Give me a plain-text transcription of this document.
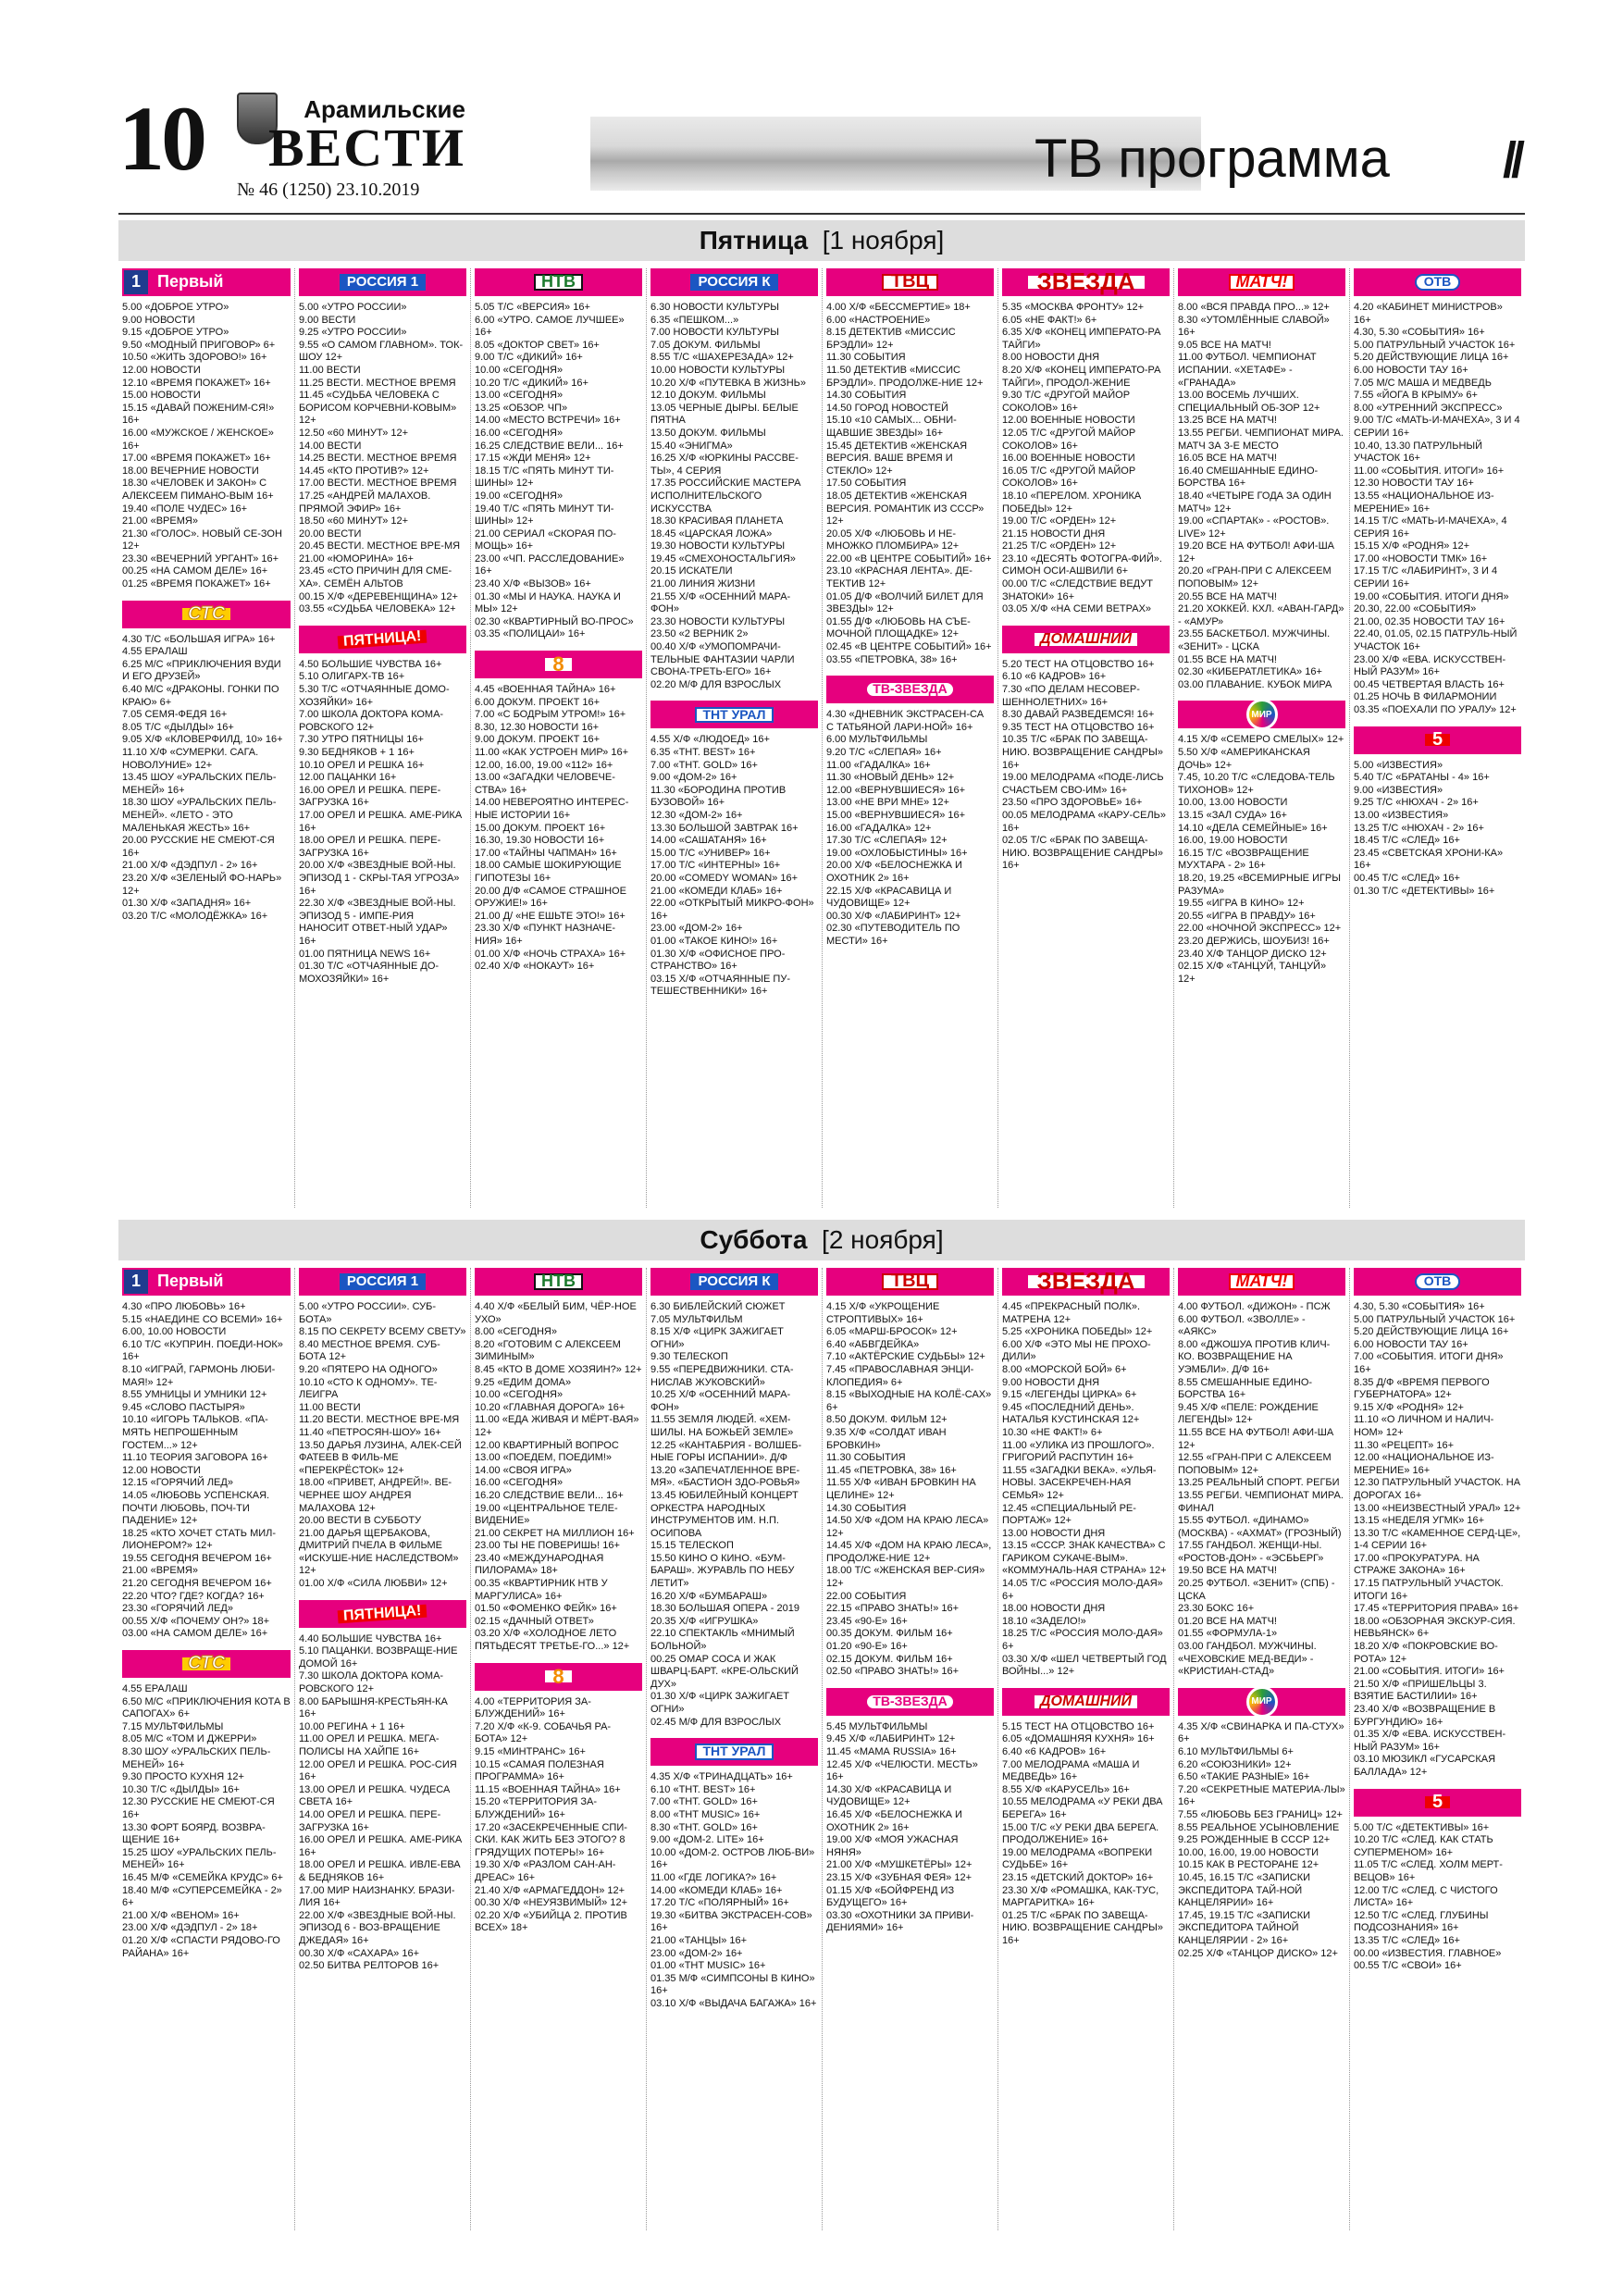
10	Арамильские
ВЕСТИ
№ 46 (1250) 23.10.2019
ТВ программа //
Пятница  [1 ноября]
1	Первый
5.00 «ДОБРОЕ УТРО»
9.00 НОВОСТИ
9.15 «ДОБРОЕ УТРО»
9.50 «МОДНЫЙ ПРИГОВОР» 6+
10.50 «ЖИТЬ ЗДОРОВО!» 16+
12.00 НОВОСТИ
12.10 «ВРЕМЯ ПОКАЖЕТ» 16+
15.00 НОВОСТИ
15.15 «ДАВАЙ ПОЖЕНИМ-СЯ!» 16+
16.00 «МУЖСКОЕ / ЖЕНСКОЕ» 16+
17.00 «ВРЕМЯ ПОКАЖЕТ» 16+
18.00 ВЕЧЕРНИЕ НОВОСТИ
18.30 «ЧЕЛОВЕК И ЗАКОН» С АЛЕКСЕЕМ ПИМАНО-ВЫМ 16+
19.40 «ПОЛЕ ЧУДЕС» 16+
21.00 «ВРЕМЯ»
21.30 «ГОЛОС». НОВЫЙ СЕ-ЗОН 12+
23.30 «ВЕЧЕРНИЙ УРГАНТ» 16+
00.25 «НА САМОМ ДЕЛЕ» 16+
01.25 «ВРЕМЯ ПОКАЖЕТ» 16+
СТС
4.30 Т/С «БОЛЬШАЯ ИГРА» 16+
4.55 ЕРАЛАШ
6.25 М/С «ПРИКЛЮЧЕНИЯ ВУДИ И ЕГО ДРУЗЕЙ»
6.40 М/С «ДРАКОНЫ. ГОНКИ ПО КРАЮ» 6+
7.05 СЕМЯ-ФЕДЯ 16+
8.05 Т/С «ДЫЛДЫ» 16+
9.05 Х/Ф «КЛОВЕРФИЛД, 10» 16+
11.10 Х/Ф «СУМЕРКИ. САГА. НОВОЛУНИЕ» 12+
13.45 ШОУ «УРАЛЬСКИХ ПЕЛЬ-МЕНЕЙ» 16+
18.30 ШОУ «УРАЛЬСКИХ ПЕЛЬ-МЕНЕЙ». «ЛЕТО - ЭТО МАЛЕНЬКАЯ ЖЕСТЬ» 16+
20.00 РУССКИЕ НЕ СМЕЮТ-СЯ 16+
21.00 Х/Ф «ДЭДПУЛ - 2» 16+
23.20 Х/Ф «ЗЕЛЕНЫЙ ФО-НАРЬ» 12+
01.30 Х/Ф «ЗАПАДНЯ» 16+
03.20 Т/С «МОЛОДЁЖКА» 16+
РОССИЯ 1
5.00 «УТРО РОССИИ»
9.00 ВЕСТИ
9.25 «УТРО РОССИИ»
9.55 «О САМОМ ГЛАВНОМ». ТОК-ШОУ 12+
11.00 ВЕСТИ
11.25 ВЕСТИ. МЕСТНОЕ ВРЕМЯ
11.45 «СУДЬБА ЧЕЛОВЕКА С БОРИСОМ КОРЧЕВНИ-КОВЫМ» 12+
12.50 «60 МИНУТ» 12+
14.00 ВЕСТИ
14.25 ВЕСТИ. МЕСТНОЕ ВРЕМЯ
14.45 «КТО ПРОТИВ?» 12+
17.00 ВЕСТИ. МЕСТНОЕ ВРЕМЯ
17.25 «АНДРЕЙ МАЛАХОВ. ПРЯМОЙ ЭФИР» 16+
18.50 «60 МИНУТ» 12+
20.00 ВЕСТИ
20.45 ВЕСТИ. МЕСТНОЕ ВРЕ-МЯ
21.00 «ЮМОРИНА» 16+
23.45 «СТО ПРИЧИН ДЛЯ СМЕ-ХА». СЕМЁН АЛЬТОВ
00.15 Х/Ф «ДЕРЕВЕНЩИНА» 12+
03.55 «СУДЬБА ЧЕЛОВЕКА» 12+
ПЯТНИЦА!
4.50 БОЛЬШИЕ ЧУВСТВА 16+
5.10 ОЛИГАРХ-ТВ 16+
5.30 Т/С «ОТЧАЯННЫЕ ДОМО-ХОЗЯЙКИ» 16+
7.00 ШКОЛА ДОКТОРА КОМА-РОВСКОГО 12+
7.30 УТРО ПЯТНИЦЫ 16+
9.30 БЕДНЯКОВ + 1 16+
10.10 ОРЕЛ И РЕШКА 16+
12.00 ПАЦАНКИ 16+
16.00 ОРЕЛ И РЕШКА. ПЕРЕ-ЗАГРУЗКА 16+
17.00 ОРЕЛ И РЕШКА. АМЕ-РИКА 16+
18.00 ОРЕЛ И РЕШКА. ПЕРЕ-ЗАГРУЗКА 16+
20.00 Х/Ф «ЗВЕЗДНЫЕ ВОЙ-НЫ. ЭПИЗОД 1 - СКРЫ-ТАЯ УГРОЗА» 16+
22.30 Х/Ф «ЗВЕЗДНЫЕ ВОЙ-НЫ. ЭПИЗОД 5 - ИМПЕ-РИЯ НАНОСИТ ОТВЕТ-НЫЙ УДАР» 16+
01.00 ПЯТНИЦА NEWS 16+
01.30 Т/С «ОТЧАЯННЫЕ ДО-МОХОЗЯЙКИ» 16+
НТВ
5.05 Т/С «ВЕРСИЯ» 16+
6.00 «УТРО. САМОЕ ЛУЧШЕЕ» 16+
8.05 «ДОКТОР СВЕТ» 16+
9.00 Т/С «ДИКИЙ» 16+
10.00 «СЕГОДНЯ»
10.20 Т/С «ДИКИЙ» 16+
13.00 «СЕГОДНЯ»
13.25 «ОБЗОР. ЧП»
14.00 «МЕСТО ВСТРЕЧИ» 16+
16.00 «СЕГОДНЯ»
16.25 СЛЕДСТВИЕ ВЕЛИ... 16+
17.15 «ЖДИ МЕНЯ» 12+
18.15 Т/С «ПЯТЬ МИНУТ ТИ-ШИНЫ» 12+
19.00 «СЕГОДНЯ»
19.40 Т/С «ПЯТЬ МИНУТ ТИ-ШИНЫ» 12+
21.00 СЕРИАЛ «СКОРАЯ ПО-МОЩЬ» 16+
23.00 «ЧП. РАССЛЕДОВАНИЕ» 16+
23.40 Х/Ф «ВЫЗОВ» 16+
01.30 «МЫ И НАУКА. НАУКА И МЫ» 12+
02.30 «КВАРТИРНЫЙ ВО-ПРОС»
03.35 «ПОЛИЦАИ» 16+
8
4.45 «ВОЕННАЯ ТАЙНА» 16+
6.00 ДОКУМ. ПРОЕКТ 16+
7.00 «С БОДРЫМ УТРОМ!» 16+
8.30, 12.30 НОВОСТИ 16+
9.00 ДОКУМ. ПРОЕКТ 16+
11.00 «КАК УСТРОЕН МИР» 16+
12.00, 16.00, 19.00 «112» 16+
13.00 «ЗАГАДКИ ЧЕЛОВЕЧЕ-СТВА» 16+
14.00 НЕВЕРОЯТНО ИНТЕРЕС-НЫЕ ИСТОРИИ 16+
15.00 ДОКУМ. ПРОЕКТ 16+
16.30, 19.30 НОВОСТИ 16+
17.00 «ТАЙНЫ ЧАПМАН» 16+
18.00 САМЫЕ ШОКИРУЮЩИЕ ГИПОТЕЗЫ 16+
20.00 Д/Ф «САМОЕ СТРАШНОЕ ОРУЖИЕ!» 16+
21.00 Д/ «НЕ ЕШЬТЕ ЭТО!» 16+
23.30 Х/Ф «ПУНКТ НАЗНАЧЕ-НИЯ» 16+
01.00 Х/Ф «НОЧЬ СТРАХА» 16+
02.40 Х/Ф «НОКАУТ» 16+
РОССИЯ К
6.30 НОВОСТИ КУЛЬТУРЫ
6.35 «ПЕШКОМ...»
7.00 НОВОСТИ КУЛЬТУРЫ
7.05 ДОКУМ. ФИЛЬМЫ
8.55 Т/С «ШАХЕРЕЗАДА» 12+
10.00 НОВОСТИ КУЛЬТУРЫ
10.20 Х/Ф «ПУТЕВКА В ЖИЗНЬ»
12.10 ДОКУМ. ФИЛЬМЫ
13.05 ЧЕРНЫЕ ДЫРЫ. БЕЛЫЕ ПЯТНА
13.50 ДОКУМ. ФИЛЬМЫ
15.40 «ЭНИГМА»
16.25 Х/Ф «ЮРКИНЫ РАССВЕ-ТЫ», 4 СЕРИЯ
17.35 РОССИЙСКИЕ МАСТЕРА ИСПОЛНИТЕЛЬСКОГО ИСКУССТВА
18.30 КРАСИВАЯ ПЛАНЕТА
18.45 «ЦАРСКАЯ ЛОЖА»
19.30 НОВОСТИ КУЛЬТУРЫ
19.45 «СМЕХОНОСТАЛЬГИЯ»
20.15 ИСКАТЕЛИ
21.00 ЛИНИЯ ЖИЗНИ
21.55 Х/Ф «ОСЕННИЙ МАРА-ФОН»
23.30 НОВОСТИ КУЛЬТУРЫ
23.50 «2 ВЕРНИК 2»
00.40 Х/Ф «УМОПОМРАЧИ-ТЕЛЬНЫЕ ФАНТАЗИИ ЧАРЛИ СВОНА-ТРЕТЬ-ЕГО» 16+
02.20 М/Ф ДЛЯ ВЗРОСЛЫХ
ТНТ УРАЛ
4.55 Х/Ф «ЛЮДОЕД» 16+
6.35 «ТНТ. BEST» 16+
7.00 «ТНТ. GOLD» 16+
9.00 «ДОМ-2» 16+
11.30 «БОРОДИНА ПРОТИВ БУЗОВОЙ» 16+
12.30 «ДОМ-2» 16+
13.30 БОЛЬШОЙ ЗАВТРАК 16+
14.00 «САШАТАНЯ» 16+
15.00 Т/С «УНИВЕР» 16+
17.00 Т/С «ИНТЕРНЫ» 16+
20.00 «COMEDY WOMAN» 16+
21.00 «КОМЕДИ КЛАБ» 16+
22.00 «ОТКРЫТЫЙ МИКРО-ФОН» 16+
23.00 «ДОМ-2» 16+
01.00 «ТАКОЕ КИНО!» 16+
01.30 Х/Ф «ОФИСНОЕ ПРО-СТРАНСТВО» 16+
03.15 Х/Ф «ОТЧАЯННЫЕ ПУ-ТЕШЕСТВЕННИКИ» 16+
ТВЦ
4.00 Х/Ф «БЕССМЕРТИЕ» 18+
6.00 «НАСТРОЕНИЕ»
8.15 ДЕТЕКТИВ «МИССИС БРЭДЛИ» 12+
11.30 СОБЫТИЯ
11.50 ДЕТЕКТИВ «МИССИС БРЭДЛИ». ПРОДОЛЖЕ-НИЕ 12+
14.30 СОБЫТИЯ
14.50 ГОРОД НОВОСТЕЙ
15.10 «10 САМЫХ... ОБНИ-ЩАВШИЕ ЗВЕЗДЫ» 16+
15.45 ДЕТЕКТИВ «ЖЕНСКАЯ ВЕРСИЯ. ВАШЕ ВРЕМЯ И СТЕКЛО» 12+
17.50 СОБЫТИЯ
18.05 ДЕТЕКТИВ «ЖЕНСКАЯ ВЕРСИЯ. РОМАНТИК ИЗ СССР» 12+
20.05 Х/Ф «ЛЮБОВЬ И НЕ-МНОЖКО ПЛОМБИРА» 12+
22.00 «В ЦЕНТРЕ СОБЫТИЙ» 16+
23.10 «КРАСНАЯ ЛЕНТА». ДЕ-ТЕКТИВ 12+
01.05 Д/Ф «ВОЛЧИЙ БИЛЕТ ДЛЯ ЗВЕЗДЫ» 12+
01.55 Д/Ф «ЛЮБОВЬ НА СЪЕ-МОЧНОЙ ПЛОЩАДКЕ» 12+
02.45 «В ЦЕНТРЕ СОБЫТИЙ» 16+
03.55 «ПЕТРОВКА, 38» 16+
ТВ-ЗВЕЗДА
4.30 «ДНЕВНИК ЭКСТРАСЕН-СА С ТАТЬЯНОЙ ЛАРИ-НОЙ» 16+
6.00 МУЛЬТФИЛЬМЫ
9.20 Т/С «СЛЕПАЯ» 16+
11.00 «ГАДАЛКА» 16+
11.30 «НОВЫЙ ДЕНЬ» 12+
12.00 «ВЕРНУВШИЕСЯ» 16+
13.00 «НЕ ВРИ МНЕ» 12+
15.00 «ВЕРНУВШИЕСЯ» 16+
16.00 «ГАДАЛКА» 12+
17.30 Т/С «СЛЕПАЯ» 12+
19.00 «ОХЛОБЫСТИНЫ» 16+
20.00 Х/Ф «БЕЛОСНЕЖКА И ОХОТНИК 2» 16+
22.15 Х/Ф «КРАСАВИЦА И ЧУДОВИЩЕ» 12+
00.30 Х/Ф «ЛАБИРИНТ» 12+
02.30 «ПУТЕВОДИТЕЛЬ ПО МЕСТИ» 16+
ЗВЕЗДА
5.35 «МОСКВА ФРОНТУ» 12+
6.05 «НЕ ФАКТ!» 6+
6.35 Х/Ф «КОНЕЦ ИМПЕРАТО-РА ТАЙГИ»
8.00 НОВОСТИ ДНЯ
8.20 Х/Ф «КОНЕЦ ИМПЕРАТО-РА ТАЙГИ», ПРОДОЛ-ЖЕНИЕ
9.30 Т/С «ДРУГОЙ МАЙОР СОКОЛОВ» 16+
12.00 ВОЕННЫЕ НОВОСТИ
12.05 Т/С «ДРУГОЙ МАЙОР СОКОЛОВ» 16+
16.00 ВОЕННЫЕ НОВОСТИ
16.05 Т/С «ДРУГОЙ МАЙОР СОКОЛОВ» 16+
18.10 «ПЕРЕЛОМ. ХРОНИКА ПОБЕДЫ» 12+
19.00 Т/С «ОРДЕН» 12+
21.15 НОВОСТИ ДНЯ
21.25 Т/С «ОРДЕН» 12+
23.10 «ДЕСЯТЬ ФОТОГРА-ФИЙ». СИМОН ОСИ-АШВИЛИ 6+
00.00 Т/С «СЛЕДСТВИЕ ВЕДУТ ЗНАТОКИ» 16+
03.05 Х/Ф «НА СЕМИ ВЕТРАХ»
ДОМАШНИЙ
5.20 ТЕСТ НА ОТЦОВСТВО 16+
6.10 «6 КАДРОВ» 16+
7.30 «ПО ДЕЛАМ НЕСОВЕР-ШЕННОЛЕТНИХ» 16+
8.30 ДАВАЙ РАЗВЕДЕМСЯ! 16+
9.35 ТЕСТ НА ОТЦОВСТВО 16+
10.35 Т/С «БРАК ПО ЗАВЕЩА-НИЮ. ВОЗВРАЩЕНИЕ САНДРЫ» 16+
19.00 МЕЛОДРАМА «ПОДЕ-ЛИСЬ СЧАСТЬЕМ СВО-ИМ» 16+
23.50 «ПРО ЗДОРОВЬЕ» 16+
00.05 МЕЛОДРАМА «КАРУ-СЕЛЬ» 16+
02.05 Т/С «БРАК ПО ЗАВЕЩА-НИЮ. ВОЗВРАЩЕНИЕ САНДРЫ» 16+
МАТЧ!
8.00 «ВСЯ ПРАВДА ПРО...» 12+
8.30 «УТОМЛЁННЫЕ СЛАВОЙ» 16+
9.05 ВСЕ НА МАТЧ!
11.00 ФУТБОЛ. ЧЕМПИОНАТ ИСПАНИИ. «ХЕТАФЕ» - «ГРАНАДА»
13.00 ВОСЕМЬ ЛУЧШИХ. СПЕЦИАЛЬНЫЙ ОБ-ЗОР 12+
13.25 ВСЕ НА МАТЧ!
13.55 РЕГБИ. ЧЕМПИОНАТ МИРА. МАТЧ ЗА 3-Е МЕСТО
16.05 ВСЕ НА МАТЧ!
16.40 СМЕШАННЫЕ ЕДИНО-БОРСТВА 16+
18.40 «ЧЕТЫРЕ ГОДА ЗА ОДИН МАТЧ» 12+
19.00 «СПАРТАК» - «РОСТОВ». LIVE» 12+
19.20 ВСЕ НА ФУТБОЛ! АФИ-ША 12+
20.20 «ГРАН-ПРИ С АЛЕКСЕЕМ ПОПОВЫМ» 12+
20.55 ВСЕ НА МАТЧ!
21.20 ХОККЕЙ. КХЛ. «АВАН-ГАРД» - «АМУР»
23.55 БАСКЕТБОЛ. МУЖЧИНЫ. «ЗЕНИТ» - ЦСКА
01.55 ВСЕ НА МАТЧ!
02.30 «КИБЕРАТЛЕТИКА» 16+
03.00 ПЛАВАНИЕ. КУБОК МИРА
МИР
4.15 Х/Ф «СЕМЕРО СМЕЛЫХ» 12+
5.50 Х/Ф «АМЕРИКАНСКАЯ ДОЧЬ» 12+
7.45, 10.20 Т/С «СЛЕДОВА-ТЕЛЬ ТИХОНОВ» 12+
10.00, 13.00 НОВОСТИ
13.15 «ЗАЛ СУДА» 16+
14.10 «ДЕЛА СЕМЕЙНЫЕ» 16+
16.00, 19.00 НОВОСТИ
16.15 Т/С «ВОЗВРАЩЕНИЕ МУХТАРА - 2» 16+
18.20, 19.25 «ВСЕМИРНЫЕ ИГРЫ РАЗУМА»
19.55 «ИГРА В КИНО» 12+
20.55 «ИГРА В ПРАВДУ» 16+
22.00 «НОЧНОЙ ЭКСПРЕСС» 12+
23.20 ДЕРЖИСЬ, ШОУБИЗ! 16+
23.40 Х/Ф ТАНЦОР ДИСКО 12+
02.15 Х/Ф «ТАНЦУЙ, ТАНЦУЙ» 12+
ОТВ
4.20 «КАБИНЕТ МИНИСТРОВ» 16+
4.30, 5.30 «СОБЫТИЯ» 16+
5.00 ПАТРУЛЬНЫЙ УЧАСТОК 16+
5.20 ДЕЙСТВУЮЩИЕ ЛИЦА 16+
6.00 НОВОСТИ ТАУ 16+
7.05 М/С МАША И МЕДВЕДЬ
7.55 «ЙОГА В КРЫМУ» 6+
8.00 «УТРЕННИЙ ЭКСПРЕСС»
9.00 Т/С «МАТЬ-И-МАЧЕХА», 3 И 4 СЕРИИ 16+
10.40, 13.30 ПАТРУЛЬНЫЙ УЧАСТОК 16+
11.00 «СОБЫТИЯ. ИТОГИ» 16+
12.30 НОВОСТИ ТАУ 16+
13.55 «НАЦИОНАЛЬНОЕ ИЗ-МЕРЕНИЕ» 16+
14.15 Т/С «МАТЬ-И-МАЧЕХА», 4 СЕРИЯ 16+
15.15 Х/Ф «РОДНЯ» 12+
17.00 «НОВОСТИ ТМК» 16+
17.15 Т/С «ЛАБИРИНТ», 3 И 4 СЕРИИ 16+
19.00 «СОБЫТИЯ. ИТОГИ ДНЯ»
20.30, 22.00 «СОБЫТИЯ»
21.00, 02.35 НОВОСТИ ТАУ 16+
22.40, 01.05, 02.15 ПАТРУЛЬ-НЫЙ УЧАСТОК 16+
23.00 Х/Ф «ЕВА. ИСКУССТВЕН-НЫЙ РАЗУМ» 16+
00.45 ЧЕТВЕРТАЯ ВЛАСТЬ 16+
01.25 НОЧЬ В ФИЛАРМОНИИ
03.35 «ПОЕХАЛИ ПО УРАЛУ» 12+
5
5.00 «ИЗВЕСТИЯ»
5.40 Т/С «БРАТАНЫ - 4» 16+
9.00 «ИЗВЕСТИЯ»
9.25 Т/С «НЮХАЧ - 2» 16+
13.00 «ИЗВЕСТИЯ»
13.25 Т/С «НЮХАЧ - 2» 16+
18.45 Т/С «СЛЕД» 16+
23.45 «СВЕТСКАЯ ХРОНИ-КА» 16+
00.45 Т/С «СЛЕД» 16+
01.30 Т/С «ДЕТЕКТИВЫ» 16+
Суббота  [2 ноября]
1	Первый
4.30 «ПРО ЛЮБОВЬ» 16+
5.15 «НАЕДИНЕ СО ВСЕМИ» 16+
6.00, 10.00 НОВОСТИ
6.10 Т/С «КУПРИН. ПОЕДИ-НОК» 16+
8.10 «ИГРАЙ, ГАРМОНЬ ЛЮБИ-МАЯ!» 12+
8.55 УМНИЦЫ И УМНИКИ 12+
9.45 «СЛОВО ПАСТЫРЯ»
10.10 «ИГОРЬ ТАЛЬКОВ. «ПА-МЯТЬ НЕПРОШЕННЫМ ГОСТЕМ...» 12+
11.10 ТЕОРИЯ ЗАГОВОРА 16+
12.00 НОВОСТИ
12.15 «ГОРЯЧИЙ ЛЕД»
14.05 «ЛЮБОВЬ УСПЕНСКАЯ. ПОЧТИ ЛЮБОВЬ, ПОЧ-ТИ ПАДЕНИЕ» 12+
18.25 «КТО ХОЧЕТ СТАТЬ МИЛ-ЛИОНЕРОМ?» 12+
19.55 СЕГОДНЯ ВЕЧЕРОМ 16+
21.00 «ВРЕМЯ»
21.20 СЕГОДНЯ ВЕЧЕРОМ 16+
22.20 ЧТО? ГДЕ? КОГДА? 16+
23.30 «ГОРЯЧИЙ ЛЕД»
00.55 Х/Ф «ПОЧЕМУ ОН?» 18+
03.00 «НА САМОМ ДЕЛЕ» 16+
СТС
4.55 ЕРАЛАШ
6.50 М/С «ПРИКЛЮЧЕНИЯ КОТА В САПОГАХ» 6+
7.15 МУЛЬТФИЛЬМЫ
8.05 М/С «ТОМ И ДЖЕРРИ»
8.30 ШОУ «УРАЛЬСКИХ ПЕЛЬ-МЕНЕЙ» 16+
9.30 ПРОСТО КУХНЯ 12+
10.30 Т/С «ДЫЛДЫ» 16+
12.30 РУССКИЕ НЕ СМЕЮТ-СЯ 16+
13.30 ФОРТ БОЯРД. ВОЗВРА-ЩЕНИЕ 16+
15.25 ШОУ «УРАЛЬСКИХ ПЕЛЬ-МЕНЕЙ» 16+
16.45 М/Ф «СЕМЕЙКА КРУДС» 6+
18.40 М/Ф «СУПЕРСЕМЕЙКА - 2» 6+
21.00 Х/Ф «ВЕНОМ» 16+
23.00 Х/Ф «ДЭДПУЛ - 2» 18+
01.20 Х/Ф «СПАСТИ РЯДОВО-ГО РАЙАНА» 16+
РОССИЯ 1
5.00 «УТРО РОССИИ». СУБ-БОТА»
8.15 ПО СЕКРЕТУ ВСЕМУ СВЕТУ»
8.40 МЕСТНОЕ ВРЕМЯ. СУБ-БОТА 12+
9.20 «ПЯТЕРО НА ОДНОГО»
10.10 «СТО К ОДНОМУ». ТЕ-ЛЕИГРА
11.00 ВЕСТИ
11.20 ВЕСТИ. МЕСТНОЕ ВРЕ-МЯ
11.40 «ПЕТРОСЯН-ШОУ» 16+
13.50 ДАРЬЯ ЛУЗИНА, АЛЕК-СЕЙ ФАТЕЕВ В ФИЛЬ-МЕ «ПЕРЕКРЁСТОК» 12+
18.00 «ПРИВЕТ, АНДРЕЙ!». ВЕ-ЧЕРНЕЕ ШОУ АНДРЕЯ МАЛАХОВА 12+
20.00 ВЕСТИ В СУББОТУ
21.00 ДАРЬЯ ЩЕРБАКОВА, ДМИТРИЙ ПЧЕЛА В ФИЛЬМЕ «ИСКУШЕ-НИЕ НАСЛЕДСТВОМ» 12+
01.00 Х/Ф «СИЛА ЛЮБВИ» 12+
ПЯТНИЦА!
4.40 БОЛЬШИЕ ЧУВСТВА 16+
5.10 ПАЦАНКИ. ВОЗВРАЩЕ-НИЕ ДОМОЙ 16+
7.30 ШКОЛА ДОКТОРА КОМА-РОВСКОГО 12+
8.00 БАРЫШНЯ-КРЕСТЬЯН-КА 16+
10.00 РЕГИНА + 1 16+
11.00 ОРЕЛ И РЕШКА. МЕГА-ПОЛИСЫ НА ХАЙПЕ 16+
12.00 ОРЕЛ И РЕШКА. РОС-СИЯ 16+
13.00 ОРЕЛ И РЕШКА. ЧУДЕСА СВЕТА 16+
14.00 ОРЕЛ И РЕШКА. ПЕРЕ-ЗАГРУЗКА 16+
16.00 ОРЕЛ И РЕШКА. АМЕ-РИКА 16+
18.00 ОРЕЛ И РЕШКА. ИВЛЕ-ЕВА & БЕДНЯКОВ 16+
17.00 МИР НАИЗНАНКУ. БРАЗИ-ЛИЯ 16+
22.00 Х/Ф «ЗВЕЗДНЫЕ ВОЙ-НЫ. ЭПИЗОД 6 - ВОЗ-ВРАЩЕНИЕ ДЖЕДАЯ» 16+
00.30 Х/Ф «САХАРА» 16+
02.50 БИТВА РЕЛТОРОВ 16+
НТВ
4.40 Х/Ф «БЕЛЫЙ БИМ, ЧЁР-НОЕ УХО»
8.00 «СЕГОДНЯ»
8.20 «ГОТОВИМ С АЛЕКСЕЕМ ЗИМИНЫМ»
8.45 «КТО В ДОМЕ ХОЗЯИН?» 12+
9.25 «ЕДИМ ДОМА»
10.00 «СЕГОДНЯ»
10.20 «ГЛАВНАЯ ДОРОГА» 16+
11.00 «ЕДА ЖИВАЯ И МЁРТ-ВАЯ» 12+
12.00 КВАРТИРНЫЙ ВОПРОС
13.00 «ПОЕДЕМ, ПОЕДИМ!»
14.00 «СВОЯ ИГРА»
16.00 «СЕГОДНЯ»
16.20 СЛЕДСТВИЕ ВЕЛИ... 16+
19.00 «ЦЕНТРАЛЬНОЕ ТЕЛЕ-ВИДЕНИЕ»
21.00 СЕКРЕТ НА МИЛЛИОН 16+
23.00 ТЫ НЕ ПОВЕРИШЬ! 16+
23.40 «МЕЖДУНАРОДНАЯ ПИЛОРАМА» 18+
00.35 «КВАРТИРНИК НТВ У МАРГУЛИСА» 16+
01.50 «ФОМЕНКО ФЕЙК» 16+
02.15 «ДАЧНЫЙ ОТВЕТ»
03.20 Х/Ф «ХОЛОДНОЕ ЛЕТО ПЯТЬДЕСЯТ ТРЕТЬЕ-ГО...» 12+
8
4.00 «ТЕРРИТОРИЯ ЗА-БЛУЖДЕНИЙ» 16+
7.20 Х/Ф «К-9. СОБАЧЬЯ РА-БОТА» 12+
9.15 «МИНТРАНС» 16+
10.15 «САМАЯ ПОЛЕЗНАЯ ПРОГРАММА» 16+
11.15 «ВОЕННАЯ ТАЙНА» 16+
15.20 «ТЕРРИТОРИЯ ЗА-БЛУЖДЕНИЙ» 16+
17.20 «ЗАСЕКРЕЧЕННЫЕ СПИ-СКИ. КАК ЖИТЬ БЕЗ ЭТОГО? 8 ГРЯДУЩИХ ПОТЕРЬ!» 16+
19.30 Х/Ф «РАЗЛОМ САН-АН-ДРЕАС» 16+
21.40 Х/Ф «АРМАГЕДДОН» 12+
00.30 Х/Ф «НЕУЯЗВИМЫЙ» 12+
02.20 Х/Ф «УБИЙЦА 2. ПРОТИВ ВСЕХ» 18+
РОССИЯ К
6.30 БИБЛЕЙСКИЙ СЮЖЕТ
7.05 МУЛЬТФИЛЬМ
8.15 Х/Ф «ЦИРК ЗАЖИГАЕТ ОГНИ»
9.30 ТЕЛЕСКОП
9.55 «ПЕРЕДВИЖНИКИ. СТА-НИСЛАВ ЖУКОВСКИЙ»
10.25 Х/Ф «ОСЕННИЙ МАРА-ФОН»
11.55 ЗЕМЛЯ ЛЮДЕЙ. «ХЕМ-ШИЛЫ. НА БОЖЬЕЙ ЗЕМЛЕ»
12.25 «КАНТАБРИЯ - ВОЛШЕБ-НЫЕ ГОРЫ ИСПАНИИ». Д/Ф
13.20 «ЗАПЕЧАТЛЕННОЕ ВРЕ-МЯ». «БАСТИОН ЗДО-РОВЬЯ»
13.45 ЮБИЛЕЙНЫЙ КОНЦЕРТ ОРКЕСТРА НАРОДНЫХ ИНСТРУМЕНТОВ ИМ. Н.П. ОСИПОВА
15.15 ТЕЛЕСКОП
15.50 КИНО О КИНО. «БУМ-БАРАШ». ЖУРАВЛЬ ПО НЕБУ ЛЕТИТ»
16.20 Х/Ф «БУМБАРАШ»
18.30 БОЛЬШАЯ ОПЕРА - 2019
20.35 Х/Ф «ИГРУШКА»
22.10 СПЕКТАКЛЬ «МНИМЫЙ БОЛЬНОЙ»
00.25 ОМАР СОСА И ЖАК ШВАРЦ-БАРТ. «КРЕ-ОЛЬСКИЙ ДУХ»
01.30 Х/Ф «ЦИРК ЗАЖИГАЕТ ОГНИ»
02.45 М/Ф ДЛЯ ВЗРОСЛЫХ
ТНТ УРАЛ
4.35 Х/Ф «ТРИНАДЦАТЬ» 16+
6.10 «ТНТ. BEST» 16+
7.00 «ТНТ. GOLD» 16+
8.00 «ТНТ MUSIC» 16+
8.30 «ТНТ. GOLD» 16+
9.00 «ДОМ-2. LITE» 16+
10.00 «ДОМ-2. ОСТРОВ ЛЮБ-ВИ» 16+
11.00 «ГДЕ ЛОГИКА?» 16+
14.00 «КОМЕДИ КЛАБ» 16+
17.20 Т/С «ПОЛЯРНЫЙ» 16+
19.30 «БИТВА ЭКСТРАСЕН-СОВ» 16+
21.00 «ТАНЦЫ» 16+
23.00 «ДОМ-2» 16+
01.00 «ТНТ MUSIC» 16+
01.35 М/Ф «СИМПСОНЫ В КИНО» 16+
03.10 Х/Ф «ВЫДАЧА БАГАЖА» 16+
ТВЦ
4.15 Х/Ф «УКРОЩЕНИЕ СТРОПТИВЫХ» 16+
6.05 «МАРШ-БРОСОК» 12+
6.40 «АБВГДЕЙКА»
7.10 «АКТЁРСКИЕ СУДЬБЫ» 12+
7.45 «ПРАВОСЛАВНАЯ ЭНЦИ-КЛОПЕДИЯ» 6+
8.15 «ВЫХОДНЫЕ НА КОЛЁ-САХ» 6+
8.50 ДОКУМ. ФИЛЬМ 12+
9.35 Х/Ф «СОЛДАТ ИВАН БРОВКИН»
11.30 СОБЫТИЯ
11.45 «ПЕТРОВКА, 38» 16+
11.55 Х/Ф «ИВАН БРОВКИН НА ЦЕЛИНЕ» 12+
14.30 СОБЫТИЯ
14.50 Х/Ф «ДОМ НА КРАЮ ЛЕСА» 12+
14.45 Х/Ф «ДОМ НА КРАЮ ЛЕСА», ПРОДОЛЖЕ-НИЕ 12+
18.00 Т/С «ЖЕНСКАЯ ВЕР-СИЯ» 12+
22.00 СОБЫТИЯ
22.15 «ПРАВО ЗНАТЬ!» 16+
23.45 «90-Е» 16+
00.35 ДОКУМ. ФИЛЬМ 16+
01.20 «90-Е» 16+
02.15 ДОКУМ. ФИЛЬМ 16+
02.50 «ПРАВО ЗНАТЬ!» 16+
ТВ-ЗВЕЗДА
5.45 МУЛЬТФИЛЬМЫ
9.45 Х/Ф «ЛАБИРИНТ» 12+
11.45 «МАМА RUSSIA» 16+
12.45 Х/Ф «ЧЕЛЮСТИ. МЕСТЬ» 16+
14.30 Х/Ф «КРАСАВИЦА И ЧУДОВИЩЕ» 12+
16.45 Х/Ф «БЕЛОСНЕЖКА И ОХОТНИК 2» 16+
19.00 Х/Ф «МОЯ УЖАСНАЯ НЯНЯ»
21.00 Х/Ф «МУШКЕТЁРЫ» 12+
23.15 Х/Ф «ЗУБНАЯ ФЕЯ» 12+
01.15 Х/Ф «БОЙФРЕНД ИЗ БУДУЩЕГО» 16+
03.30 «ОХОТНИКИ ЗА ПРИВИ-ДЕНИЯМИ» 16+
ЗВЕЗДА
4.45 «ПРЕКРАСНЫЙ ПОЛК». МАТРЕНА 12+
5.25 «ХРОНИКА ПОБЕДЫ» 12+
6.00 Х/Ф «ЭТО МЫ НЕ ПРОХО-ДИЛИ»
8.00 «МОРСКОЙ БОЙ» 6+
9.00 НОВОСТИ ДНЯ
9.15 «ЛЕГЕНДЫ ЦИРКА» 6+
9.45 «ПОСЛЕДНИЙ ДЕНЬ». НАТАЛЬЯ КУСТИНСКАЯ 12+
10.30 «НЕ ФАКТ!» 6+
11.00 «УЛИКА ИЗ ПРОШЛОГО». ГРИГОРИЙ РАСПУТИН 16+
11.55 «ЗАГАДКИ ВЕКА». «УЛЬЯ-НОВЫ. ЗАСЕКРЕЧЕН-НАЯ СЕМЬЯ» 12+
12.45 «СПЕЦИАЛЬНЫЙ РЕ-ПОРТАЖ» 12+
13.00 НОВОСТИ ДНЯ
13.15 «СССР. ЗНАК КАЧЕСТВА» С ГАРИКОМ СУКАЧЕ-ВЫМ». «КОММУНАЛЬ-НАЯ СТРАНА» 12+
14.05 Т/С «РОССИЯ МОЛО-ДАЯ» 6+
18.00 НОВОСТИ ДНЯ
18.10 «ЗАДЕЛО!»
18.25 Т/С «РОССИЯ МОЛО-ДАЯ» 6+
03.30 Х/Ф «ШЕЛ ЧЕТВЕРТЫЙ ГОД ВОЙНЫ...» 12+
ДОМАШНИЙ
5.15 ТЕСТ НА ОТЦОВСТВО 16+
6.05 «ДОМАШНЯЯ КУХНЯ» 16+
6.40 «6 КАДРОВ» 16+
7.00 МЕЛОДРАМА «МАША И МЕДВЕДЬ» 16+
8.55 Х/Ф «КАРУСЕЛЬ» 16+
10.55 МЕЛОДРАМА «У РЕКИ ДВА БЕРЕГА» 16+
15.00 Т/С «У РЕКИ ДВА БЕРЕГА. ПРОДОЛЖЕНИЕ» 16+
19.00 МЕЛОДРАМА «ВОПРЕКИ СУДЬБЕ» 16+
23.15 «ДЕТСКИЙ ДОКТОР» 16+
23.30 Х/Ф «РОМАШКА, КАК-ТУС, МАРГАРИТКА» 16+
01.25 Т/С «БРАК ПО ЗАВЕЩА-НИЮ. ВОЗВРАЩЕНИЕ САНДРЫ» 16+
МАТЧ!
4.00 ФУТБОЛ. «ДИЖОН» - ПСЖ
6.00 ФУТБОЛ. «ЗВОЛЛЕ» - «АЯКС»
8.00 «ДЖОШУА ПРОТИВ КЛИЧ-КО. ВОЗВРАЩЕНИЕ НА УЭМБЛИ». Д/Ф 16+
8.55 СМЕШАННЫЕ ЕДИНО-БОРСТВА 16+
9.45 Х/Ф «ПЕЛЕ: РОЖДЕНИЕ ЛЕГЕНДЫ» 12+
11.55 ВСЕ НА ФУТБОЛ! АФИ-ША 12+
12.55 «ГРАН-ПРИ С АЛЕКСЕЕМ ПОПОВЫМ» 12+
13.25 РЕАЛЬНЫЙ СПОРТ. РЕГБИ
13.55 РЕГБИ. ЧЕМПИОНАТ МИРА. ФИНАЛ
15.55 ФУТБОЛ. «ДИНАМО» (МОСКВА) - «АХМАТ» (ГРОЗНЫЙ)
17.55 ГАНДБОЛ. ЖЕНЩИ-НЫ. «РОСТОВ-ДОН» - «ЭСБЬЕРГ»
19.50 ВСЕ НА МАТЧ!
20.25 ФУТБОЛ. «ЗЕНИТ» (СПБ) - ЦСКА
23.30 БОКС 16+
01.20 ВСЕ НА МАТЧ!
01.55 «ФОРМУЛА-1»
03.00 ГАНДБОЛ. МУЖЧИНЫ. «ЧЕХОВСКИЕ МЕД-ВЕДИ» - «КРИСТИАН-СТАД»
МИР
4.35 Х/Ф «СВИНАРКА И ПА-СТУХ» 6+
6.10 МУЛЬТФИЛЬМЫ 6+
6.20 «СОЮЗНИКИ» 12+
6.50 «ТАКИЕ РАЗНЫЕ» 16+
7.20 «СЕКРЕТНЫЕ МАТЕРИА-ЛЫ» 16+
7.55 «ЛЮБОВЬ БЕЗ ГРАНИЦ» 12+
8.55 РЕАЛЬНОЕ УСЫНОВЛЕНИЕ
9.25 РОЖДЕННЫЕ В СССР 12+
10.00, 16.00, 19.00 НОВОСТИ
10.15 КАК В РЕСТОРАНЕ 12+
10.45, 16.15 Т/С «ЗАПИСКИ ЭКСПЕДИТОРА ТАЙ-НОЙ КАНЦЕЛЯРИИ» 16+
17.45, 19.15 Т/С «ЗАПИСКИ ЭКСПЕДИТОРА ТАЙНОЙ КАНЦЕЛЯРИИ - 2» 16+
02.25 Х/Ф «ТАНЦОР ДИСКО» 12+
ОТВ
4.30, 5.30 «СОБЫТИЯ» 16+
5.00 ПАТРУЛЬНЫЙ УЧАСТОК 16+
5.20 ДЕЙСТВУЮЩИЕ ЛИЦА 16+
6.00 НОВОСТИ ТАУ 16+
7.00 «СОБЫТИЯ. ИТОГИ ДНЯ» 16+
8.35 Д/Ф «ВРЕМЯ ПЕРВОГО ГУБЕРНАТОРА» 12+
9.15 Х/Ф «РОДНЯ» 12+
11.10 «О ЛИЧНОМ И НАЛИЧ-НОМ» 12+
11.30 «РЕЦЕПТ» 16+
12.00 «НАЦИОНАЛЬНОЕ ИЗ-МЕРЕНИЕ» 16+
12.30 ПАТРУЛЬНЫЙ УЧАСТОК. НА ДОРОГАХ 16+
13.00 «НЕИЗВЕСТНЫЙ УРАЛ» 12+
13.15 «НЕДЕЛЯ УГМК» 16+
13.30 Т/С «КАМЕННОЕ СЕРД-ЦЕ», 1-4 СЕРИИ 16+
17.00 «ПРОКУРАТУРА. НА СТРАЖЕ ЗАКОНА» 16+
17.15 ПАТРУЛЬНЫЙ УЧАСТОК. ИТОГИ 16+
17.45 «ТЕРРИТОРИЯ ПРАВА» 16+
18.00 «ОБЗОРНАЯ ЭКСКУР-СИЯ. НЕВЬЯНСК» 6+
18.20 Х/Ф «ПОКРОВСКИЕ ВО-РОТА» 12+
21.00 «СОБЫТИЯ. ИТОГИ» 16+
21.50 Х/Ф «ПРИШЕЛЬЦЫ 3. ВЗЯТИЕ БАСТИЛИИ» 16+
23.40 Х/Ф «ВОЗВРАЩЕНИЕ В БУРГУНДИЮ» 16+
01.35 Х/Ф «ЕВА. ИСКУССТВЕН-НЫЙ РАЗУМ» 16+
03.10 МЮЗИКЛ «ГУСАРСКАЯ БАЛЛАДА» 12+
5
5.00 Т/С «ДЕТЕКТИВЫ» 16+
10.20 Т/С «СЛЕД. КАК СТАТЬ СУПЕРМЕНОМ» 16+
11.05 Т/С «СЛЕД. ХОЛМ МЕРТ-ВЕЦОВ» 16+
12.00 Т/С «СЛЕД. С ЧИСТОГО ЛИСТА» 16+
12.50 Т/С «СЛЕД. ГЛУБИНЫ ПОДСОЗНАНИЯ» 16+
13.35 Т/С «СЛЕД» 16+
00.00 «ИЗВЕСТИЯ. ГЛАВНОЕ»
00.55 Т/С «СВОИ» 16+
